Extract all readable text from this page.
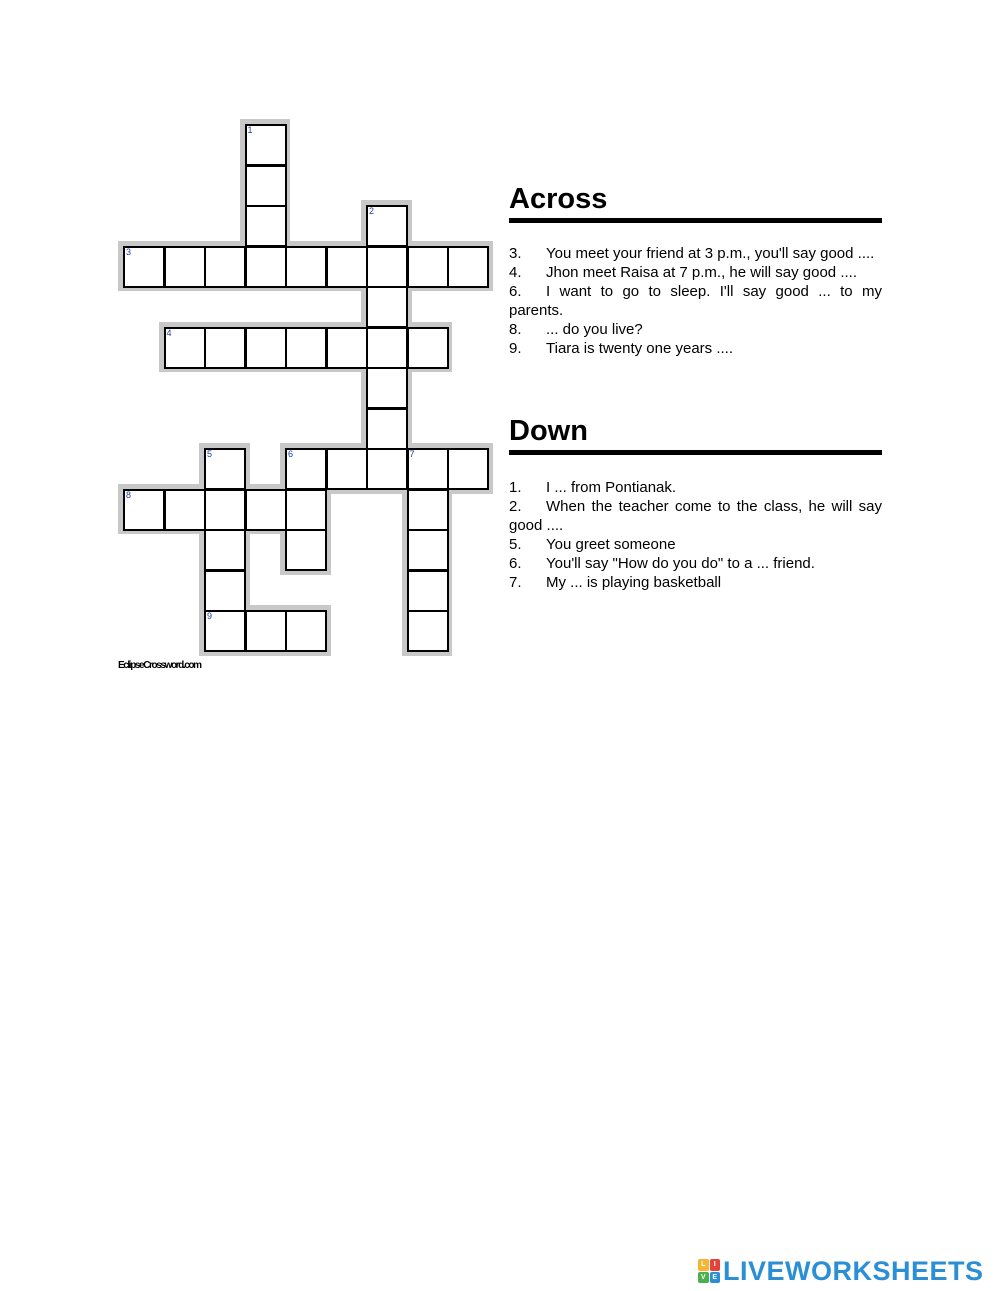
1
2
3
4
5	6	7
8
9
EclipseCrossword.com
Across
3. You meet your friend at 3 p.m., you'll say good ....
4. Jhon meet Raisa at 7 p.m., he will say good ....
6. I want to go to sleep. I'll say good ... to my parents.
8. ... do you live?
9. Tiara is twenty one years ....
Down
1. I ... from Pontianak.
2. When the teacher come to the class, he will say good ....
5. You greet someone
6. You'll say "How do you do" to a ... friend.
7. My ... is playing basketball
L	I
V E LIVEWORKSHEETS
